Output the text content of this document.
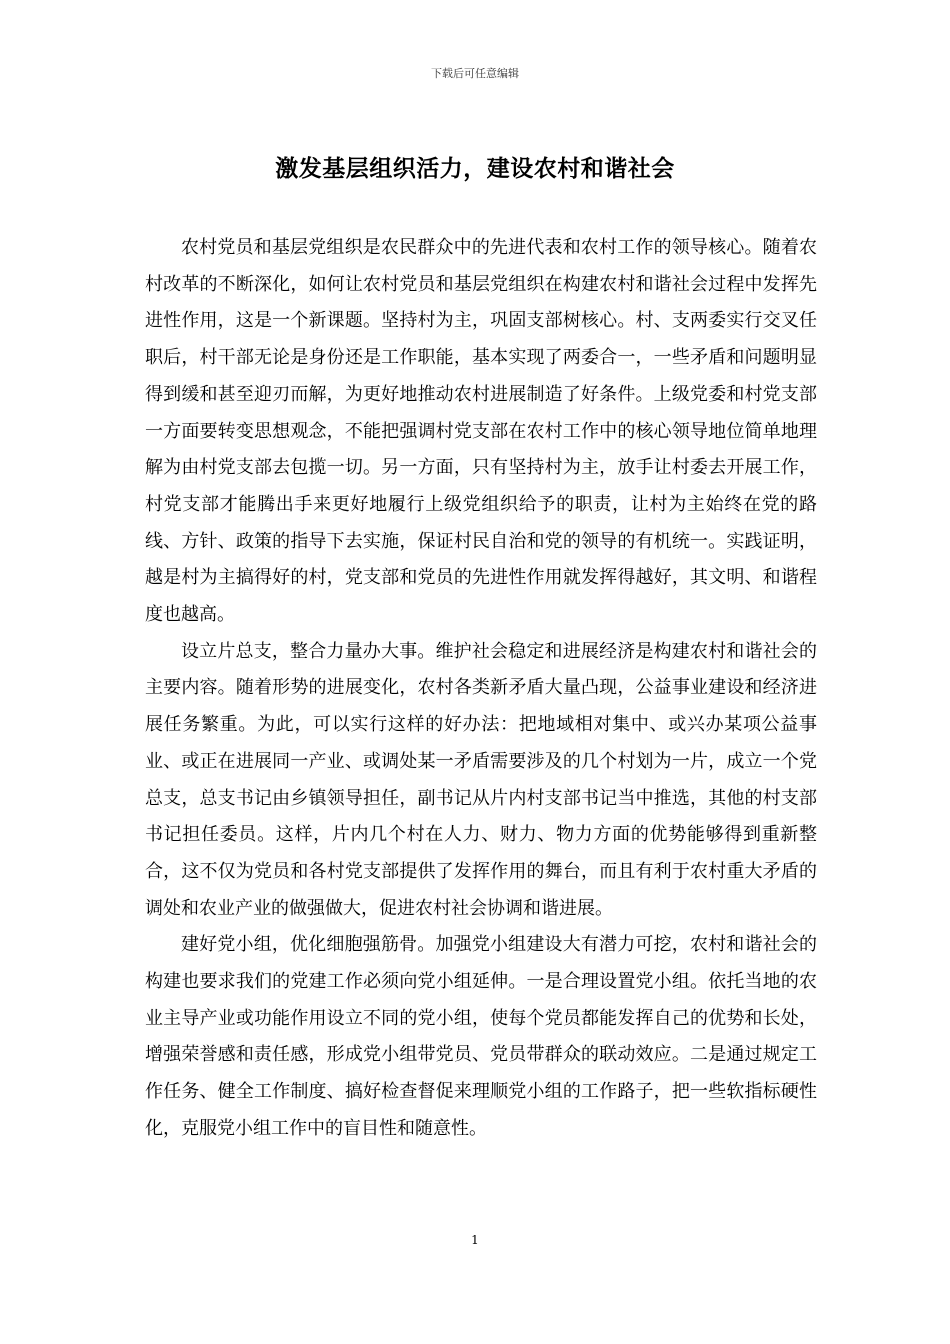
下载后可任意编辑
激发基层组织活力，建设农村和谐社会

农村党员和基层党组织是农民群众中的先进代表和农村工作的领导核心。随着农村改革的不断深化，如何让农村党员和基层党组织在构建农村和谐社会过程中发挥先进性作用，这是一个新课题。坚持村为主，巩固支部树核心。村、支两委实行交叉任职后，村干部无论是身份还是工作职能，基本实现了两委合一，一些矛盾和问题明显得到缓和甚至迎刃而解，为更好地推动农村进展制造了好条件。上级党委和村党支部一方面要转变思想观念，不能把强调村党支部在农村工作中的核心领导地位简单地理解为由村党支部去包揽一切。另一方面，只有坚持村为主，放手让村委去开展工作，村党支部才能腾出手来更好地履行上级党组织给予的职责，让村为主始终在党的路线、方针、政策的指导下去实施，保证村民自治和党的领导的有机统一。实践证明，越是村为主搞得好的村，党支部和党员的先进性作用就发挥得越好，其文明、和谐程度也越高。

设立片总支，整合力量办大事。维护社会稳定和进展经济是构建农村和谐社会的主要内容。随着形势的进展变化，农村各类新矛盾大量凸现，公益事业建设和经济进展任务繁重。为此，可以实行这样的好办法：把地域相对集中、或兴办某项公益事业、或正在进展同一产业、或调处某一矛盾需要涉及的几个村划为一片，成立一个党总支，总支书记由乡镇领导担任，副书记从片内村支部书记当中推选，其他的村支部书记担任委员。这样，片内几个村在人力、财力、物力方面的优势能够得到重新整合，这不仅为党员和各村党支部提供了发挥作用的舞台，而且有利于农村重大矛盾的调处和农业产业的做强做大，促进农村社会协调和谐进展。

建好党小组，优化细胞强筋骨。加强党小组建设大有潜力可挖，农村和谐社会的构建也要求我们的党建工作必须向党小组延伸。一是合理设置党小组。依托当地的农业主导产业或功能作用设立不同的党小组，使每个党员都能发挥自己的优势和长处，增强荣誉感和责任感，形成党小组带党员、党员带群众的联动效应。二是通过规定工作任务、健全工作制度、搞好检查督促来理顺党小组的工作路子，把一些软指标硬性化，克服党小组工作中的盲目性和随意性。

1
